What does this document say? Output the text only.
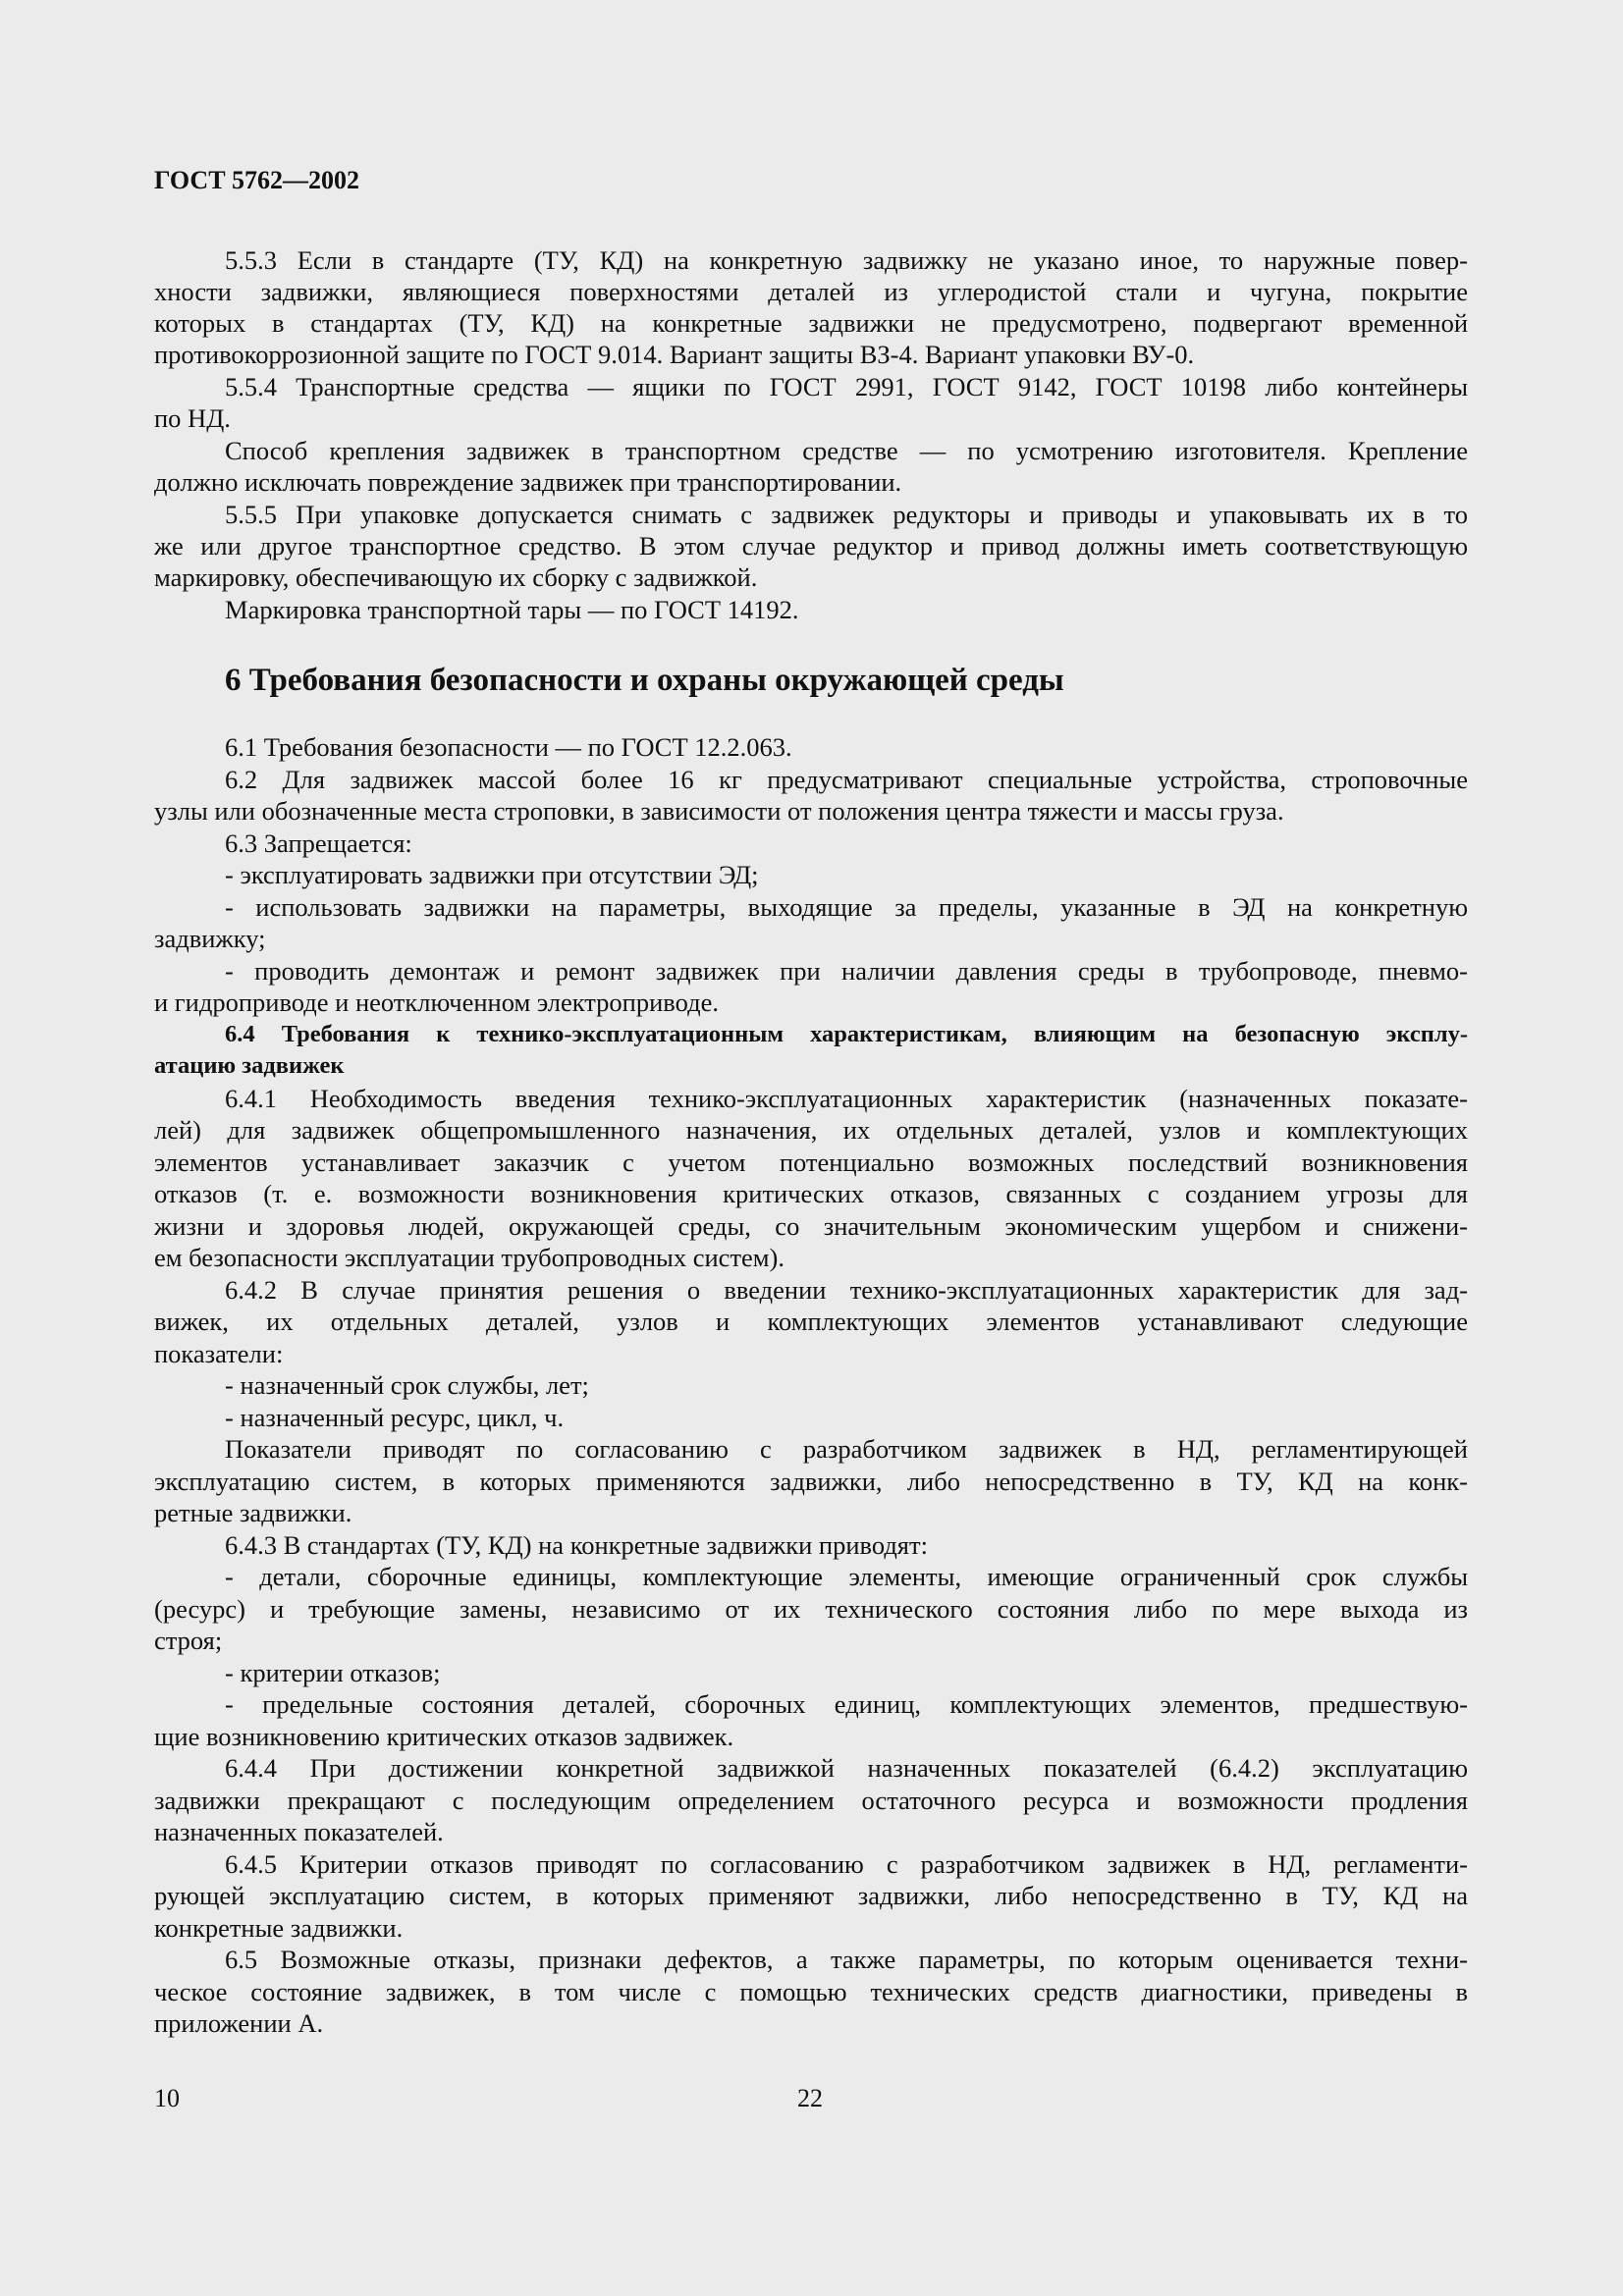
ГОСТ 5762—2002
5.5.3 Если в стандарте (ТУ, КД) на конкретную задвижку не указано иное, то наружные повер-
хности задвижки, являющиеся поверхностями деталей из углеродистой стали и чугуна, покрытие
которых в стандартах (ТУ, КД) на конкретные задвижки не предусмотрено, подвергают временной
противокоррозионной защите по ГОСТ 9.014. Вариант защиты ВЗ-4. Вариант упаковки ВУ-0.
5.5.4 Транспортные средства — ящики по ГОСТ 2991, ГОСТ 9142, ГОСТ 10198 либо контейнеры
по НД.
Способ крепления задвижек в транспортном средстве — по усмотрению изготовителя. Крепление
должно исключать повреждение задвижек при транспортировании.
5.5.5 При упаковке допускается снимать с задвижек редукторы и приводы и упаковывать их в то
же или другое транспортное средство. В этом случае редуктор и привод должны иметь соответствующую
маркировку, обеспечивающую их сборку с задвижкой.
Маркировка транспортной тары — по ГОСТ 14192.
6 Требования безопасности и охраны окружающей среды
6.1 Требования безопасности — по ГОСТ 12.2.063.
6.2 Для задвижек массой более 16 кг предусматривают специальные устройства, строповочные
узлы или обозначенные места строповки, в зависимости от положения центра тяжести и массы груза.
6.3 Запрещается:
- эксплуатировать задвижки при отсутствии ЭД;
- использовать задвижки на параметры, выходящие за пределы, указанные в ЭД на конкретную
задвижку;
- проводить демонтаж и ремонт задвижек при наличии давления среды в трубопроводе, пневмо-
и гидроприводе и неотключенном электроприводе.
6.4 Требования к технико-эксплуатационным характеристикам, влияющим на безопасную эксплу-
атацию задвижек
6.4.1 Необходимость введения технико-эксплуатационных характеристик (назначенных показате-
лей) для задвижек общепромышленного назначения, их отдельных деталей, узлов и комплектующих
элементов устанавливает заказчик с учетом потенциально возможных последствий возникновения
отказов (т. е. возможности возникновения критических отказов, связанных с созданием угрозы для
жизни и здоровья людей, окружающей среды, со значительным экономическим ущербом и снижени-
ем безопасности эксплуатации трубопроводных систем).
6.4.2 В случае принятия решения о введении технико-эксплуатационных характеристик для зад-
вижек, их отдельных деталей, узлов и комплектующих элементов устанавливают следующие
показатели:
- назначенный срок службы, лет;
- назначенный ресурс, цикл, ч.
Показатели приводят по согласованию с разработчиком задвижек в НД, регламентирующей
эксплуатацию систем, в которых применяются задвижки, либо непосредственно в ТУ, КД на конк-
ретные задвижки.
6.4.3 В стандартах (ТУ, КД) на конкретные задвижки приводят:
- детали, сборочные единицы, комплектующие элементы, имеющие ограниченный срок службы
(ресурс) и требующие замены, независимо от их технического состояния либо по мере выхода из
строя;
- критерии отказов;
- предельные состояния деталей, сборочных единиц, комплектующих элементов, предшествую-
щие возникновению критических отказов задвижек.
6.4.4 При достижении конкретной задвижкой назначенных показателей (6.4.2) эксплуатацию
задвижки прекращают с последующим определением остаточного ресурса и возможности продления
назначенных показателей.
6.4.5 Критерии отказов приводят по согласованию с разработчиком задвижек в НД, регламенти-
рующей эксплуатацию систем, в которых применяют задвижки, либо непосредственно в ТУ, КД на
конкретные задвижки.
6.5 Возможные отказы, признаки дефектов, а также параметры, по которым оценивается техни-
ческое состояние задвижек, в том числе с помощью технических средств диагностики, приведены в
приложении А.
10	22
